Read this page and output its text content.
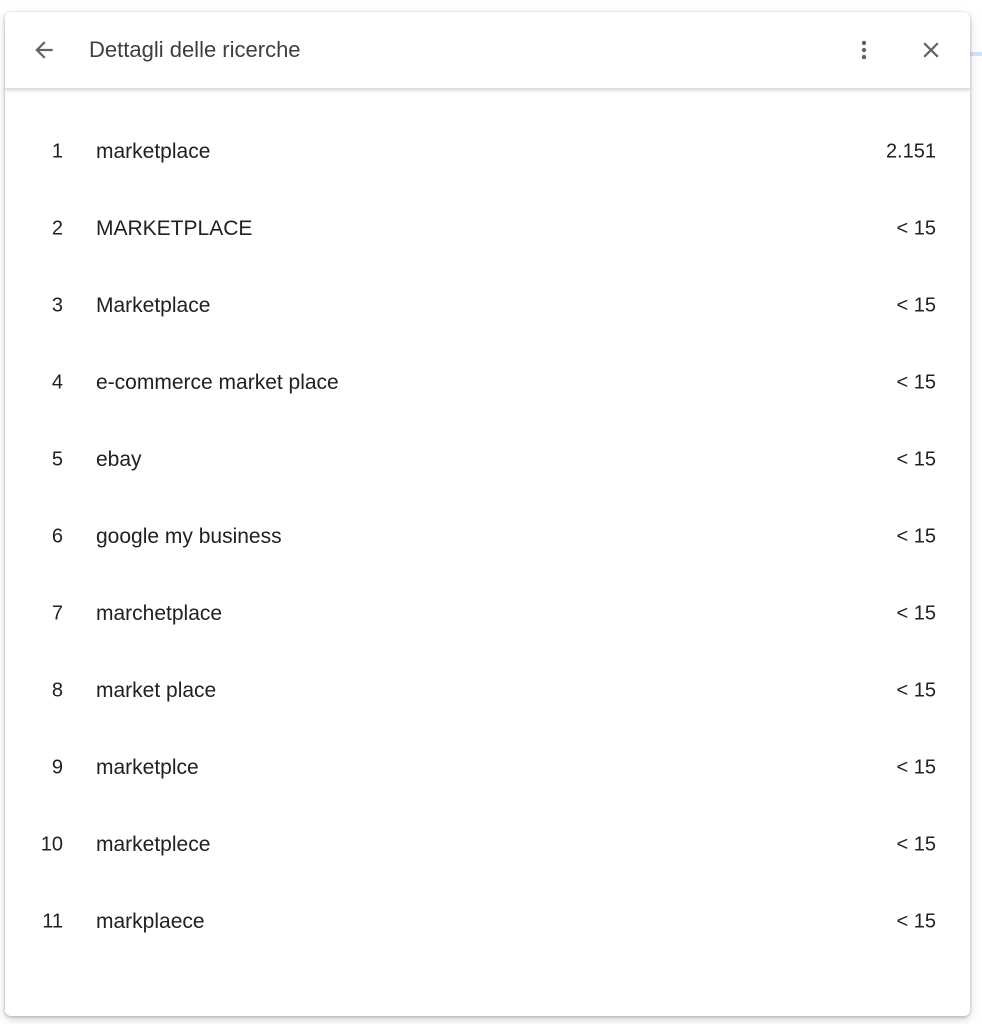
Dettagli delle ricerche
1 marketplace	2.151
2 MARKETPLACE	< 15
3 Marketplace	< 15
4 e-commerce market place	< 15
5 ebay	< 15
6 google my business	< 15
7 marchetplace	< 15
8 market place	< 15
9 marketplce	< 15
10 marketplece	< 15
11 markplaece	< 15
